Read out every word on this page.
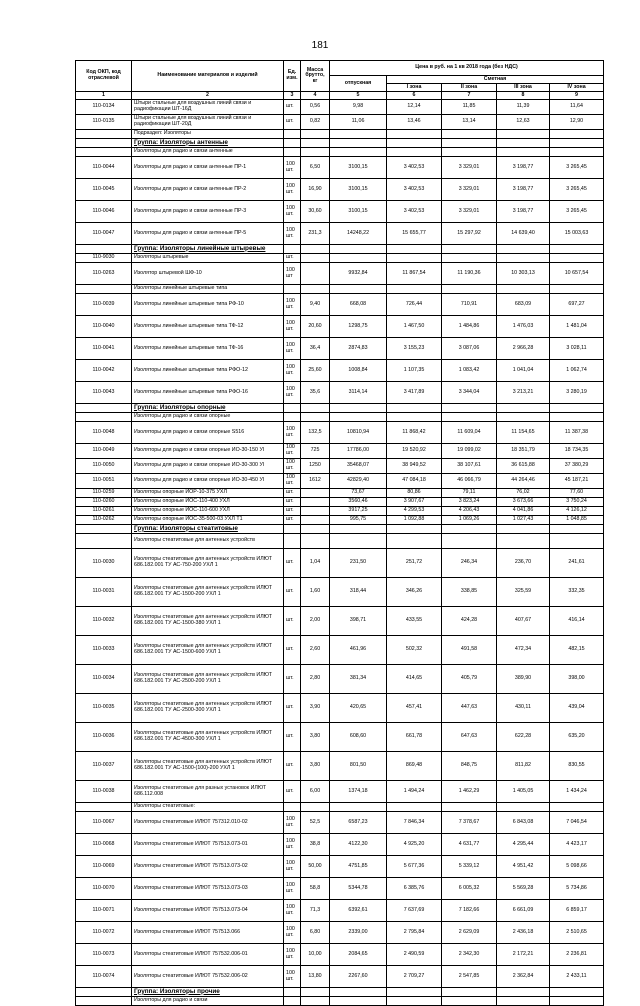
181
Код ОКП, код отраслевой	Наименование материалов и изделий	Ед. изм.	Масса брутто, кг	Цена в руб. на 1 кв 2018 года (без НДС)				
				отпускная	Сметная			
					I зона	II зона	III зона	IV зона
1	2	3	4	5	6	7	8	9
110-0134	Штыри стальные для воздушных линий связи и радиофикации ШТ-16Д	шт.	0,56	9,98	12,14	11,85	11,39	11,64
110-0135	Штыри стальные для воздушных линий связи и радиофикации ШТ-20Д	шт.	0,82	11,06	13,46	13,14	12,63	12,90
	Подраздел: Изоляторы							
	Группа: Изоляторы антенные							
	Изоляторы для радио и связи антенные							
110-0044	Изоляторы для радио и связи антенные ПР-1	100 шт.	6,50	3100,15	3 402,53	3 329,01	3 198,77	3 265,45
110-0045	Изоляторы для радио и связи антенные ПР-2	100 шт.	16,90	3100,15	3 402,53	3 329,01	3 198,77	3 265,45
110-0046	Изоляторы для радио и связи антенные ПР-3	100 шт.	30,60	3100,15	3 402,53	3 329,01	3 198,77	3 265,45
110-0047	Изоляторы для радио и связи антенные ПР-5	100 шт.	231,3	14248,22	15 655,77	15 297,92	14 639,40	15 003,63
	Группа: Изоляторы линейные штыревые							
110-9030	Изоляторы штыревые	шт.						
110-0263	Изолятор штыревой ШФ-10	100 шт		9932,84	11 867,54	11 190,36	10 303,13	10 657,54
	Изоляторы линейные штыревые типа							
110-0039	Изоляторы линейные штыревые типа РФ-10	100 шт.	9,40	668,08	726,44	710,91	683,09	697,27
110-0040	Изоляторы линейные штыревые типа ТФ-12	100 шт.	20,60	1298,75	1 467,50	1 484,86	1 476,03	1 481,04
110-0041	Изоляторы линейные штыревые типа ТФ-16	100 шт.	36,4	2874,83	3 155,23	3 087,06	2 966,28	3 028,11
110-0042	Изоляторы линейные штыревые типа РФО-12	100 шт.	25,60	1008,84	1 107,35	1 083,42	1 041,04	1 062,74
110-0043	Изоляторы линейные штыревые типа РФО-16	100 шт.	35,6	3114,14	3 417,89	3 344,04	3 213,21	3 280,19
	Группа: Изоляторы опорные							
	Изоляторы для радио и связи опорные							
110-0048	Изоляторы для радио и связи опорные S516	100 шт.	132,5	10810,94	11 868,42	11 609,04	11 154,65	11 387,38
110-0049	Изоляторы для радио и связи опорные ИО-30-150 УI	100 шт.	725	17786,00	19 520,92	19 099,02	18 351,79	18 734,35
110-0050	Изоляторы для радио и связи опорные ИО-30-300 УI	100 шт.	1250	35468,07	38 949,52	38 107,61	36 615,88	37 380,29
110-0051	Изоляторы для радио и связи опорные ИО-30-450 УI	100 шт.	1612	42829,40	47 084,18	46 066,79	44 264,46	45 187,21
110-0259	Изоляторы опорные ИОР-10-375 УХЛ	шт.		73,67	80,86	79,11	76,02	77,60
110-0260	Изоляторы опорные ИОС-110-400 УХЛ	шт.		3560,46	3 907,67	3 823,24	3 673,66	3 750,24
110-0261	Изоляторы опорные ИОС-110-600 УХЛ	шт.		3917,25	4 299,53	4 206,43	4 041,86	4 126,12
110-0262	Изоляторы опорные ИОС-35-500-03 УХЛ Т1	шт.		995,75	1 092,88	1 069,26	1 027,43	1 048,85
	Группа: Изоляторы стеатитовые							
	Изоляторы стеатитовые для антенных устройств							
110-0030	Изоляторы стеатитовые для антенных устройств ИЛЮТ 686.182.001 ТУ АС-750-200 УХЛ 1	шт.	1,04	231,50	251,72	246,34	236,70	241,61
110-0031	Изоляторы стеатитовые для антенных устройств ИЛЮТ 686.182.001 ТУ АС-1500-200 УХЛ 1	шт.	1,60	318,44	346,26	338,85	325,59	332,35
110-0032	Изоляторы стеатитовые для антенных устройств ИЛЮТ 686.182.001 ТУ АС-1500-380 УХЛ 1	шт.	2,00	398,71	433,55	424,28	407,67	416,14
110-0033	Изоляторы стеатитовые для антенных устройств ИЛЮТ 686.182.001 ТУ АС-1500-600 УХЛ 1	шт.	2,60	461,96	502,32	491,58	472,34	482,15
110-0034	Изоляторы стеатитовые для антенных устройств ИЛЮТ 686.182.001 ТУ АС-2500-200 УХЛ 1	шт.	2,80	381,34	414,65	405,79	389,90	398,00
110-0035	Изоляторы стеатитовые для антенных устройств ИЛЮТ 686.182.001 ТУ АС-2500-300 УХЛ 1	шт.	3,90	420,65	457,41	447,63	430,11	439,04
110-0036	Изоляторы стеатитовые для антенных устройств ИЛЮТ 686.182.001 ТУ АС-4500-300 УХЛ 1	шт.	3,80	608,60	661,78	647,63	622,28	635,20
110-0037	Изоляторы стеатитовые для антенных устройств ИЛЮТ 686.182.001 ТУ АС-1500-(100)-200 УХЛ 1	шт.	3,80	801,50	869,48	848,75	811,82	830,55
110-0038	Изоляторы стеатитовые для разных установок ИЛЮТ 686.112.008	шт.	6,00	1374,18	1 494,24	1 462,29	1 405,05	1 434,24
	Изоляторы стеатитовые:							
110-0067	Изоляторы стеатитовые ИЛЮТ 757312.010-02	100 шт.	52,5	6587,23	7 846,34	7 378,67	6 843,08	7 046,54
110-0068	Изоляторы стеатитовые ИЛЮТ 757513.073-01	100 шт.	38,8	4122,30	4 925,20	4 631,77	4 295,44	4 423,17
110-0069	Изоляторы стеатитовые ИЛЮТ 757513.073-02	100 шт.	50,00	4751,85	5 677,36	5 339,12	4 951,42	5 098,66
110-0070	Изоляторы стеатитовые ИЛЮТ 757513.073-03	100 шт.	58,8	5344,78	6 385,76	6 005,32	5 569,28	5 734,86
110-0071	Изоляторы стеатитовые ИЛЮТ 757513.073-04	100 шт.	71,3	6392,61	7 637,69	7 182,66	6 661,09	6 859,17
110-0072	Изоляторы стеатитовые ИЛЮТ 757513.066	100 шт.	6,80	2339,00	2 795,84	2 629,09	2 436,18	2 510,65
110-0073	Изоляторы стеатитовые ИЛЮТ 757532.006-01	100 шт.	10,00	2084,65	2 490,59	2 342,30	2 172,21	2 236,81
110-0074	Изоляторы стеатитовые ИЛЮТ 757532.006-02	100 шт.	13,80	2267,60	2 709,27	2 547,85	2 362,84	2 433,11
	Группа: Изоляторы прочие							
	Изоляторы для радио и связи							
